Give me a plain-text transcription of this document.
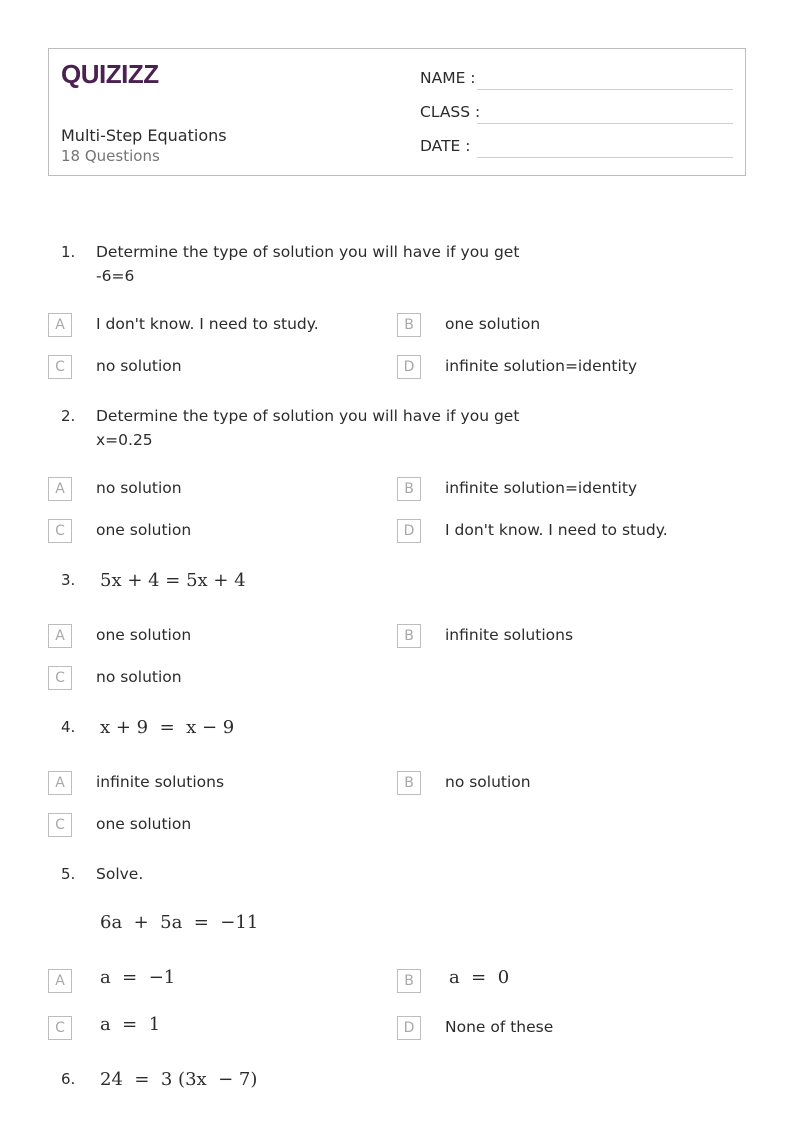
QUIZIZZ
Multi-Step Equations
18 Questions
NAME :
CLASS :
DATE :
1. Determine the type of solution you will have if you get
-6=6
A	I don't know. I need to study.	B	one solution
C	no solution	D	infinite solution=identity
2. Determine the type of solution you will have if you get
x=0.25
A	no solution	B	infinite solution=identity
C	one solution	D	I don't know. I need to study.
3. 5x + 4 = 5x + 4
A	one solution	B	infinite solutions
C	no solution
4. x + 9  =  x − 9
A	infinite solutions	B	no solution
C	one solution
5. Solve.
6a  +  5a  =  −11
A	a  =  −1	B	a  =  0
C	a  =  1	D	None of these
6. 24  =  3 (3x  − 7)
